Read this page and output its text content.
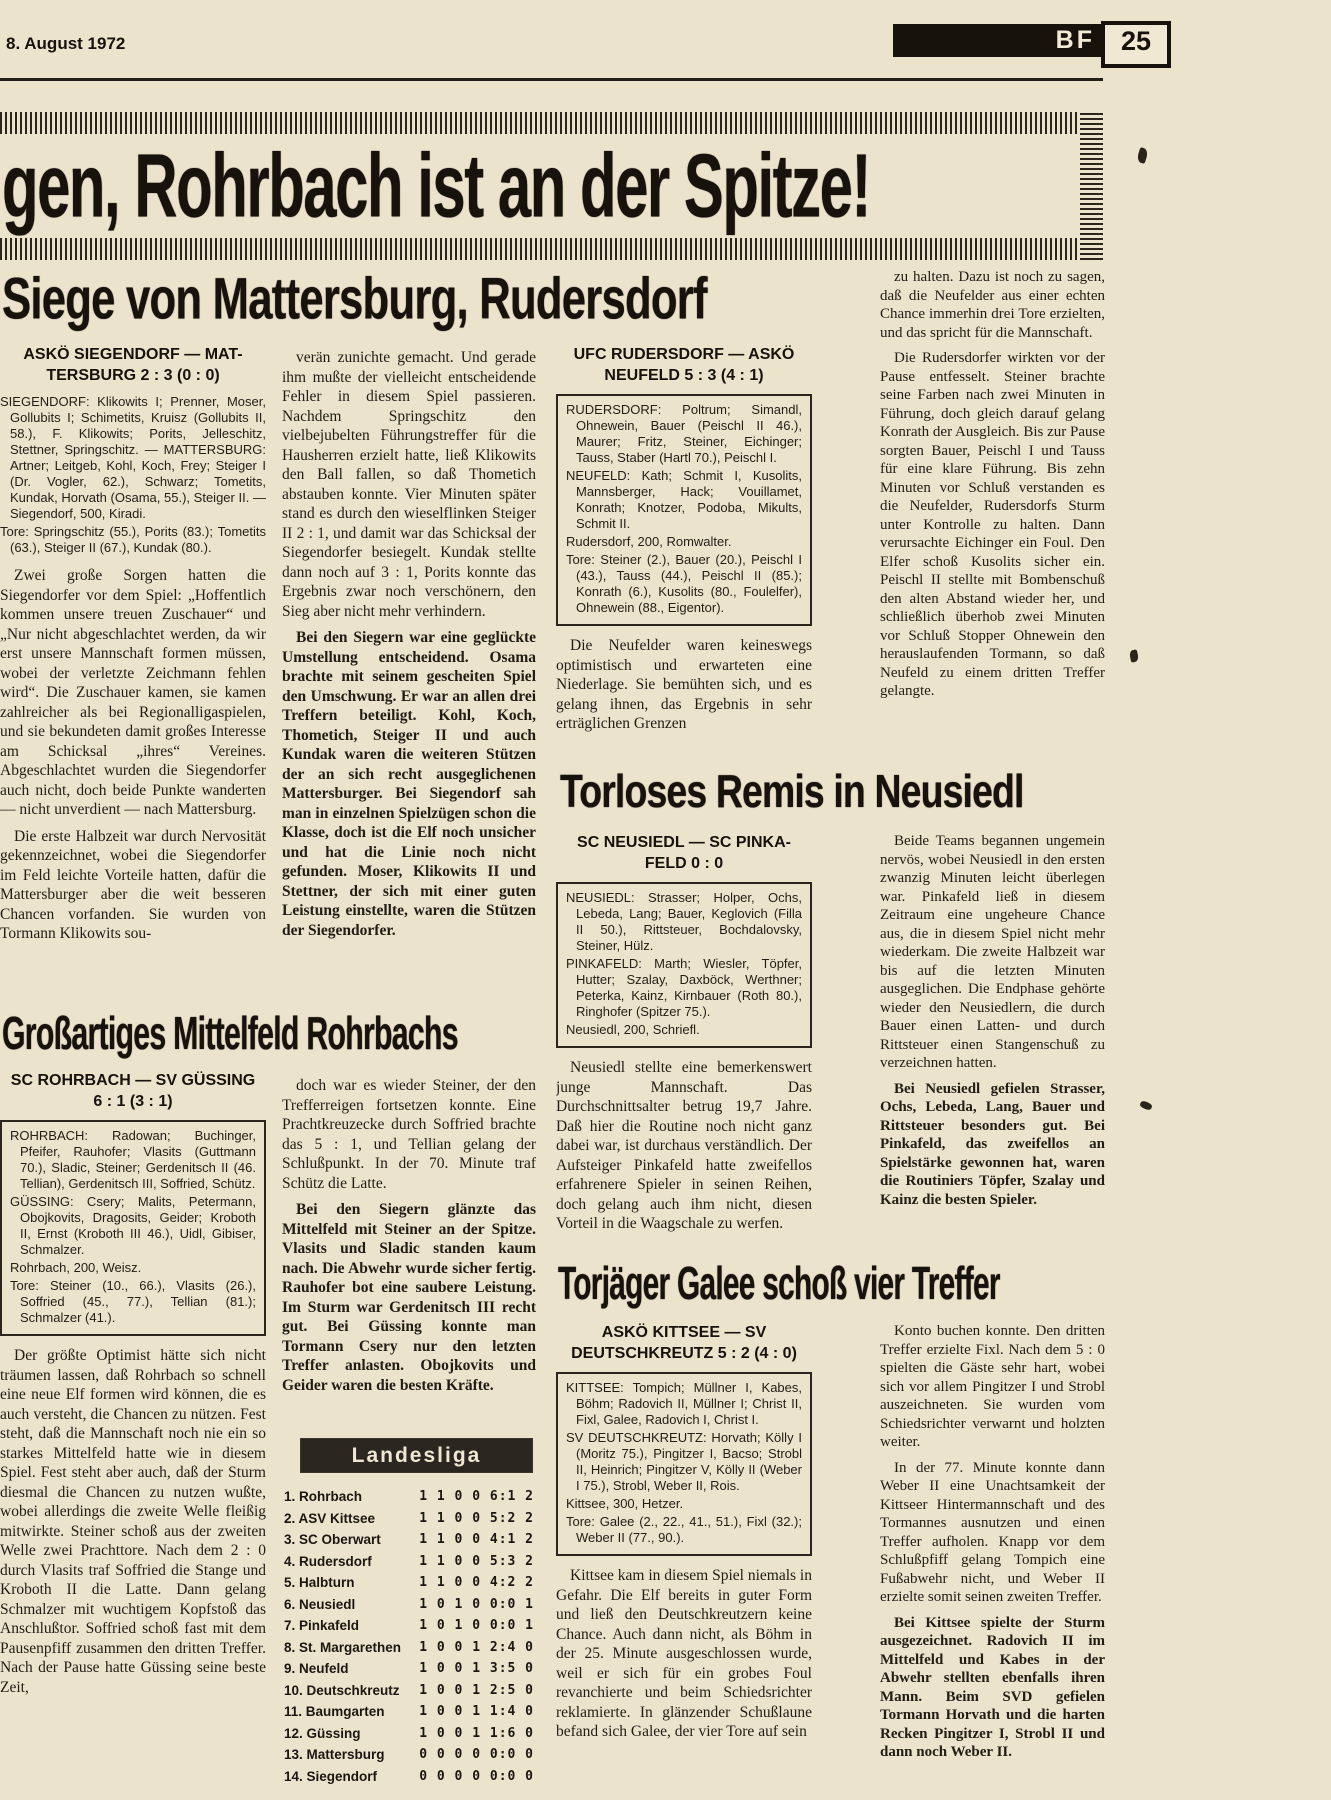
8. August 1972	BF 25
gen, Rohrbach ist an der Spitze!
Siege von Mattersburg, Rudersdorf
ASKÖ SIEGENDORF — MAT-
TERSBURG 2 : 3 (0 : 0)

SIEGENDORF: Klikowits I; Prenner, Moser, Gollubits I; Schimetits, Kruisz (Gollubits II, 58.), F. Klikowits; Porits, Jelleschitz, Stettner, Springschitz. — MATTERSBURG: Artner; Leitgeb, Kohl, Koch, Frey; Steiger I (Dr. Vogler, 62.), Schwarz; Tometits, Kundak, Horvath (Osama, 55.), Steiger II. — Siegendorf, 500, Kiradi.

Tore: Springschitz (55.), Porits (83.); Tometits (63.), Steiger II (67.), Kundak (80.).

Zwei große Sorgen hatten die Siegendorfer vor dem Spiel: „Hoffentlich kommen unsere treuen Zuschauer“ und „Nur nicht abgeschlachtet werden, da wir erst unsere Mannschaft formen müssen, wobei der verletzte Zeichmann fehlen wird“. Die Zuschauer kamen, sie kamen zahlreicher als bei Regionalligaspielen, und sie bekundeten damit großes Interesse am Schicksal „ihres“ Vereines. Abgeschlachtet wurden die Siegendorfer auch nicht, doch beide Punkte wanderten — nicht unverdient — nach Mattersburg.

Die erste Halbzeit war durch Nervosität gekennzeichnet, wobei die Siegendorfer im Feld leichte Vorteile hatten, dafür die Mattersburger aber die weit besseren Chancen vorfanden. Sie wurden von Tormann Klikowits sou-

verän zunichte gemacht. Und gerade ihm mußte der vielleicht entscheidende Fehler in diesem Spiel passieren. Nachdem Springschitz den vielbejubelten Führungstreffer für die Hausherren erzielt hatte, ließ Klikowits den Ball fallen, so daß Thometich abstauben konnte. Vier Minuten später stand es durch den wieselflinken Steiger II 2 : 1, und damit war das Schicksal der Siegendorfer besiegelt. Kundak stellte dann noch auf 3 : 1, Porits konnte das Ergebnis zwar noch verschönern, den Sieg aber nicht mehr verhindern.

Bei den Siegern war eine geglückte Umstellung entscheidend. Osama brachte mit seinem gescheiten Spiel den Umschwung. Er war an allen drei Treffern beteiligt. Kohl, Koch, Thometich, Steiger II und auch Kundak waren die weiteren Stützen der an sich recht ausgeglichenen Mattersburger. Bei Siegendorf sah man in einzelnen Spielzügen schon die Klasse, doch ist die Elf noch unsicher und hat die Linie noch nicht gefunden. Moser, Klikowits II und Stettner, der sich mit einer guten Leistung einstellte, waren die Stützen der Siegendorfer.

UFC RUDERSDORF — ASKÖ
NEUFELD 5 : 3 (4 : 1)

RUDERSDORF: Poltrum; Simandl, Ohnewein, Bauer (Peischl II 46.), Maurer; Fritz, Steiner, Eichinger; Tauss, Staber (Hartl 70.), Peischl I.

NEUFELD: Kath; Schmit I, Kusolits, Mannsberger, Hack; Vouillamet, Konrath; Knotzer, Podoba, Mikults, Schmit II.

Rudersdorf, 200, Romwalter.

Tore: Steiner (2.), Bauer (20.), Peischl I (43.), Tauss (44.), Peischl II (85.); Konrath (6.), Kusolits (80., Foulelfer), Ohnewein (88., Eigentor).

Die Neufelder waren keineswegs optimistisch und erwarteten eine Niederlage. Sie bemühten sich, und es gelang ihnen, das Ergebnis in sehr erträglichen Grenzen

zu halten. Dazu ist noch zu sagen, daß die Neufelder aus einer echten Chance immerhin drei Tore erzielten, und das spricht für die Mannschaft.

Die Rudersdorfer wirkten vor der Pause entfesselt. Steiner brachte seine Farben nach zwei Minuten in Führung, doch gleich darauf gelang Konrath der Ausgleich. Bis zur Pause sorgten Bauer, Peischl I und Tauss für eine klare Führung. Bis zehn Minuten vor Schluß verstanden es die Neufelder, Rudersdorfs Sturm unter Kontrolle zu halten. Dann verursachte Eichinger ein Foul. Den Elfer schoß Kusolits sicher ein. Peischl II stellte mit Bombenschuß den alten Abstand wieder her, und schließlich überhob zwei Minuten vor Schluß Stopper Ohnewein den herauslaufenden Tormann, so daß Neufeld zu einem dritten Treffer gelangte.

Torloses Remis in Neusiedl
SC NEUSIEDL — SC PINKA-
FELD 0 : 0

NEUSIEDL: Strasser; Holper, Ochs, Lebeda, Lang; Bauer, Keglovich (Filla II 50.), Rittsteuer, Bochdalovsky, Steiner, Hülz.

PINKAFELD: Marth; Wiesler, Töpfer, Hutter; Szalay, Daxböck, Werthner; Peterka, Kainz, Kirnbauer (Roth 80.), Ringhofer (Spitzer 75.).

Neusiedl, 200, Schriefl.

Neusiedl stellte eine bemerkenswert junge Mannschaft. Das Durchschnittsalter betrug 19,7 Jahre. Daß hier die Routine noch nicht ganz dabei war, ist durchaus verständlich. Der Aufsteiger Pinkafeld hatte zweifellos erfahrenere Spieler in seinen Reihen, doch gelang auch ihm nicht, diesen Vorteil in die Waagschale zu werfen.

Beide Teams begannen ungemein nervös, wobei Neusiedl in den ersten zwanzig Minuten leicht überlegen war. Pinkafeld ließ in diesem Zeitraum eine ungeheure Chance aus, die in diesem Spiel nicht mehr wiederkam. Die zweite Halbzeit war bis auf die letzten Minuten ausgeglichen. Die Endphase gehörte wieder den Neusiedlern, die durch Bauer einen Latten- und durch Rittsteuer einen Stangenschuß zu verzeichnen hatten.

Bei Neusiedl gefielen Strasser, Ochs, Lebeda, Lang, Bauer und Rittsteuer besonders gut. Bei Pinkafeld, das zweifellos an Spielstärke gewonnen hat, waren die Routiniers Töpfer, Szalay und Kainz die besten Spieler.

Großartiges Mittelfeld Rohrbachs
SC ROHRBACH — SV GÜSSING
6 : 1 (3 : 1)

ROHRBACH: Radowan; Buchinger, Pfeifer, Rauhofer; Vlasits (Guttmann 70.), Sladic, Steiner; Gerdenitsch II (46. Tellian), Gerdenitsch III, Soffried, Schütz.

GÜSSING: Csery; Malits, Petermann, Obojkovits, Dragosits, Geider; Kroboth II, Ernst (Kroboth III 46.), Uidl, Gibiser, Schmalzer.

Rohrbach, 200, Weisz.

Tore: Steiner (10., 66.), Vlasits (26.), Soffried (45., 77.), Tellian (81.); Schmalzer (41.).

Der größte Optimist hätte sich nicht träumen lassen, daß Rohrbach so schnell eine neue Elf formen wird können, die es auch versteht, die Chancen zu nützen. Fest steht, daß die Mannschaft noch nie ein so starkes Mittelfeld hatte wie in diesem Spiel. Fest steht aber auch, daß der Sturm diesmal die Chancen zu nutzen wußte, wobei allerdings die zweite Welle fleißig mitwirkte. Steiner schoß aus der zweiten Welle zwei Prachttore. Nach dem 2 : 0 durch Vlasits traf Soffried die Stange und Kroboth II die Latte. Dann gelang Schmalzer mit wuchtigem Kopfstoß das Anschlußtor. Soffried schoß fast mit dem Pausenpfiff zusammen den dritten Treffer. Nach der Pause hatte Güssing seine beste Zeit,

doch war es wieder Steiner, der den Trefferreigen fortsetzen konnte. Eine Prachtkreuzecke durch Soffried brachte das 5 : 1, und Tellian gelang der Schlußpunkt. In der 70. Minute traf Schütz die Latte.

Bei den Siegern glänzte das Mittelfeld mit Steiner an der Spitze. Vlasits und Sladic standen kaum nach. Die Abwehr wurde sicher fertig. Rauhofer bot eine saubere Leistung. Im Sturm war Gerdenitsch III recht gut. Bei Güssing konnte man Tormann Csery nur den letzten Treffer anlasten. Obojkovits und Geider waren die besten Kräfte.

Landesliga
1. Rohrbach	1 1 0 0 6:1 2
2. ASV Kittsee	1 1 0 0 5:2 2
3. SC Oberwart	1 1 0 0 4:1 2
4. Rudersdorf	1 1 0 0 5:3 2
5. Halbturn	1 1 0 0 4:2 2
6. Neusiedl	1 0 1 0 0:0 1
7. Pinkafeld	1 0 1 0 0:0 1
8. St. Margarethen 1 0 0 1 2:4 0
9. Neufeld	1 0 0 1 3:5 0
10. Deutschkreutz 1 0 0 1 2:5 0
11. Baumgarten	1 0 0 1 1:4 0
12. Güssing	1 0 0 1 1:6 0
13. Mattersburg	0 0 0 0 0:0 0
14. Siegendorf	0 0 0 0 0:0 0
Torjäger Galee schoß vier Treffer
ASKÖ KITTSEE — SV
DEUTSCHKREUTZ 5 : 2 (4 : 0)

KITTSEE: Tompich; Müllner I, Kabes, Böhm; Radovich II, Müllner I; Christ II, Fixl, Galee, Radovich I, Christ I.

SV DEUTSCHKREUTZ: Horvath; Kölly I (Moritz 75.), Pingitzer I, Bacso; Strobl II, Heinrich; Pingitzer V, Kölly II (Weber I 75.), Strobl, Weber II, Rois.

Kittsee, 300, Hetzer.

Tore: Galee (2., 22., 41., 51.), Fixl (32.); Weber II (77., 90.).

Kittsee kam in diesem Spiel niemals in Gefahr. Die Elf bereits in guter Form und ließ den Deutschkreutzern keine Chance. Auch dann nicht, als Böhm in der 25. Minute ausgeschlossen wurde, weil er sich für ein grobes Foul revanchierte und beim Schiedsrichter reklamierte. In glänzender Schußlaune befand sich Galee, der vier Tore auf sein

Konto buchen konnte. Den dritten Treffer erzielte Fixl. Nach dem 5 : 0 spielten die Gäste sehr hart, wobei sich vor allem Pingitzer I und Strobl auszeichneten. Sie wurden vom Schiedsrichter verwarnt und holzten weiter.

In der 77. Minute konnte dann Weber II eine Unachtsamkeit der Kittseer Hintermannschaft und des Tormannes ausnutzen und einen Treffer aufholen. Knapp vor dem Schlußpfiff gelang Tompich eine Fußabwehr nicht, und Weber II erzielte somit seinen zweiten Treffer.

Bei Kittsee spielte der Sturm ausgezeichnet. Radovich II im Mittelfeld und Kabes in der Abwehr stellten ebenfalls ihren Mann. Beim SVD gefielen Tormann Horvath und die harten Recken Pingitzer I, Strobl II und dann noch Weber II.
